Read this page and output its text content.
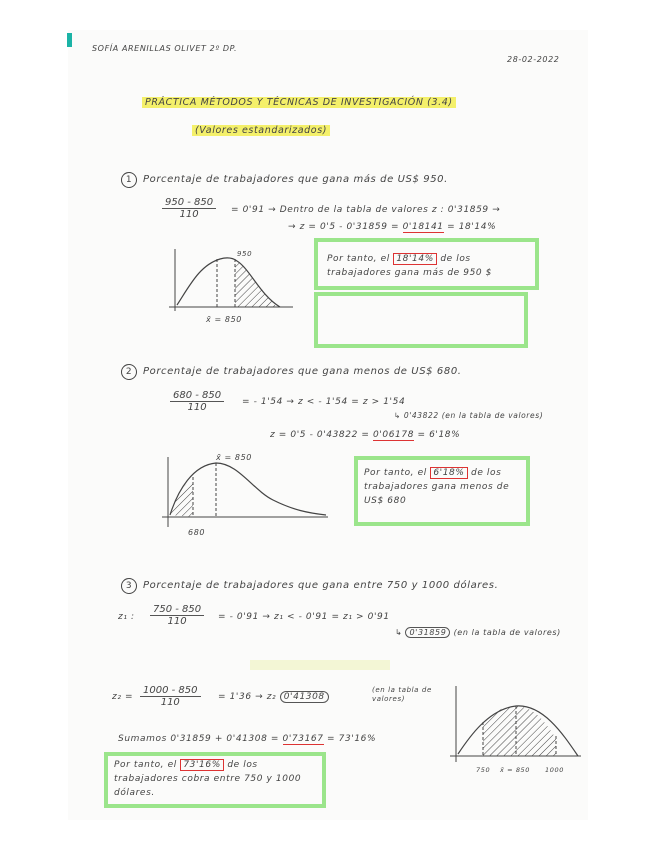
SOFÍA ARENILLAS OLIVET 2º DP.
28-02-2022
PRÁCTICA MÉTODOS Y TÉCNICAS DE INVESTIGACIÓN (3.4)
(Valores estandarizados)
1 Porcentaje de trabajadores que gana más de US$ 950.
$\frac{950 - 850}{110} = 0'91$ → Dentro de la tabla de valores z : 0'31859 →
→ z = 0'5 - 0'31859 = 0'18141 = 18'14%
950
x̄ = 850
Por tanto, el 18'14% de los trabajadores gana más de 950 $
2 Porcentaje de trabajadores que gana menos de US$ 680.
$\frac{680 - 850}{110}$ = - 1'54 → z < - 1'54 = z > 1'54
↳ 0'43822 (en la tabla de valores)
z = 0'5 - 0'43822 = 0'06178 = 6'18%
x̄ = 850
680
Por tanto, el 6'18% de los trabajadores gana menos de US$ 680
3 Porcentaje de trabajadores que gana entre 750 y 1000 dólares.
z₁ : $\frac{750 - 850}{110}$ = - 0'91 → z₁ < - 0'91 = z₁ > 0'91
↳ 0'31859 (en la tabla de valores)
$z_2 = \frac{1000 - 850}{110} = 1'36 \to z_2$ 0'41308
(en la tabla de valores)
Sumamos 0'31859 + 0'41308 = 0'73167 = 73'16%
750 x̄ = 850 1000
Por tanto, el 73'16% de los trabajadores cobra entre 750 y 1000 dólares.
